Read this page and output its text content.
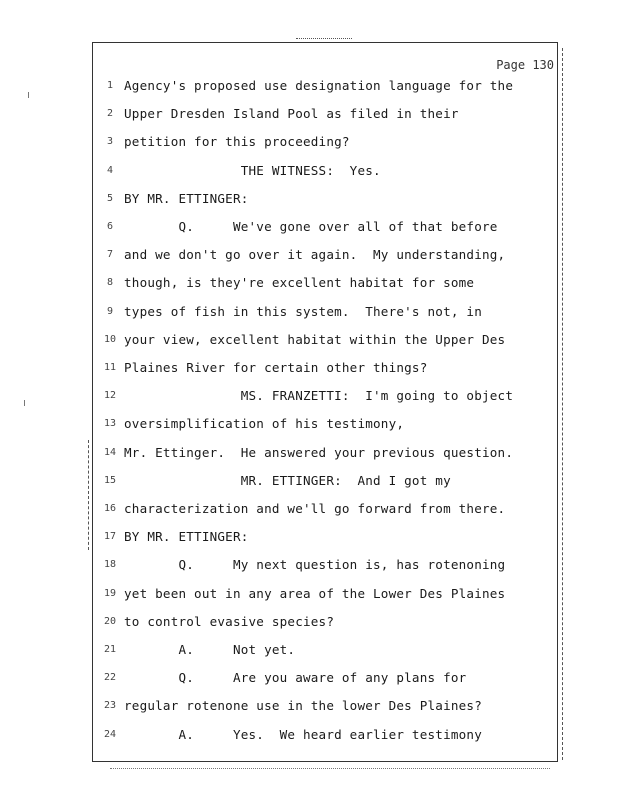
Page 130
1 Agency's proposed use designation language for the
2 Upper Dresden Island Pool as filed in their
3 petition for this proceeding?
4               THE WITNESS:  Yes.
5 BY MR. ETTINGER:
6       Q.     We've gone over all of that before
7 and we don't go over it again.  My understanding,
8 though, is they're excellent habitat for some
9 types of fish in this system.  There's not, in
10 your view, excellent habitat within the Upper Des
11 Plaines River for certain other things?
12               MS. FRANZETTI:  I'm going to object
13 oversimplification of his testimony,
14 Mr. Ettinger.  He answered your previous question.
15               MR. ETTINGER:  And I got my
16 characterization and we'll go forward from there.
17 BY MR. ETTINGER:
18       Q.     My next question is, has rotenoning
19 yet been out in any area of the Lower Des Plaines
20 to control evasive species?
21       A.     Not yet.
22       Q.     Are you aware of any plans for
23 regular rotenone use in the lower Des Plaines?
24       A.     Yes.  We heard earlier testimony
